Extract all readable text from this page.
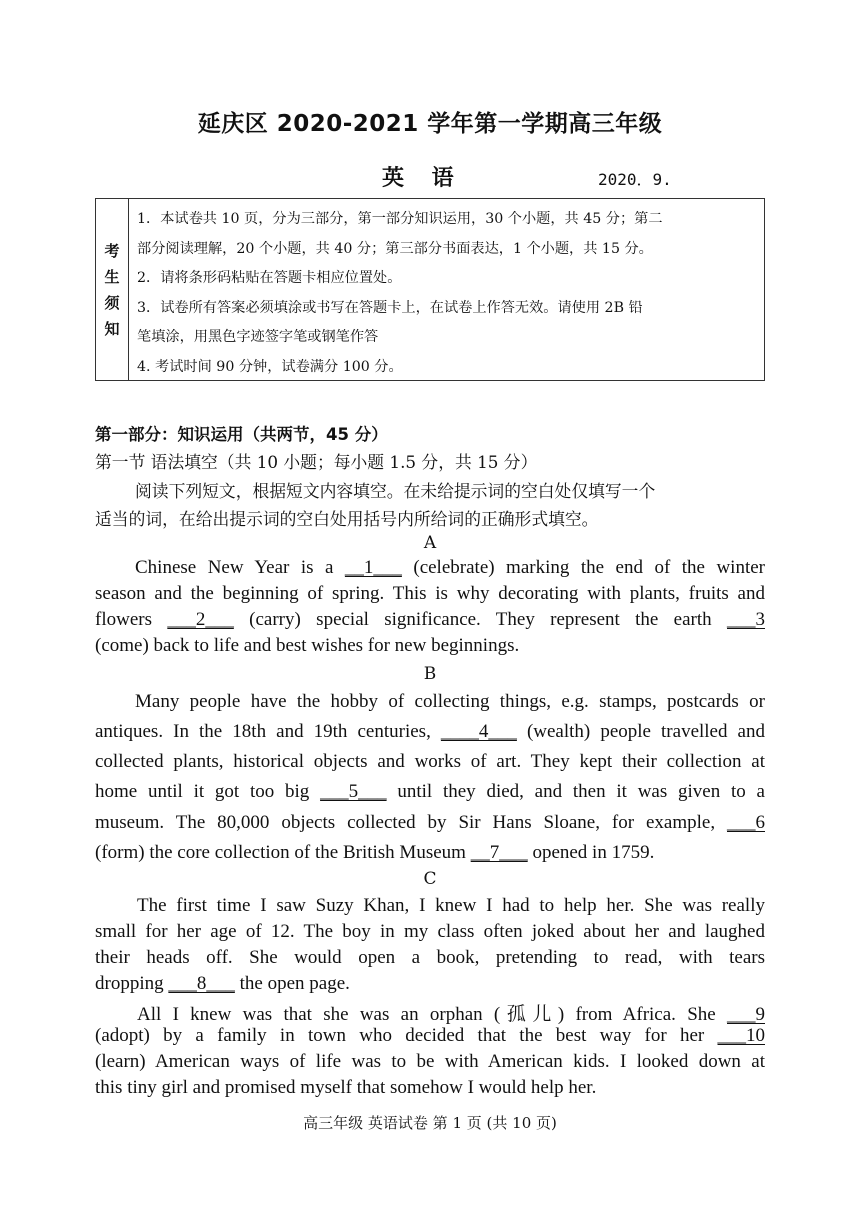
延庆区 2020-2021 学年第一学期高三年级
英 语	2020．9.
考
生
须
知
1．本试卷共 10 页，分为三部分，第一部分知识运用，30 个小题，共 45 分；第二
部分阅读理解，20 个小题，共 40 分；第三部分书面表达，1 个小题，共 15 分。
2．请将条形码粘贴在答题卡相应位置处。
3．试卷所有答案必须填涂或书写在答题卡上，在试卷上作答无效。请使用 2B 铅
笔填涂，用黑色字迹签字笔或钢笔作答
4. 考试时间 90 分钟，试卷满分 100 分。
第一部分：知识运用（共两节，45 分）
第一节 语法填空（共 10 小题；每小题 1.5 分，共 15 分）
阅读下列短文，根据短文内容填空。在未给提示词的空白处仅填写一个
适当的词，在给出提示词的空白处用括号内所给词的正确形式填空。
A
Chinese New Year is a __1___ (celebrate) marking the end of the winter
season and the beginning of spring. This is why decorating with plants, fruits and
flowers ___2___ (carry) special significance. They represent the earth ___3
(come) back to life and best wishes for new beginnings.
B
Many people have the hobby of collecting things, e.g. stamps, postcards or
antiques. In the 18th and 19th centuries, ____4___ (wealth) people travelled and
collected plants, historical objects and works of art. They kept their collection at
home until it got too big ___5___ until they died, and then it was given to a
museum. The 80,000 objects collected by Sir Hans Sloane, for example, ___6
(form) the core collection of the British Museum __7___ opened in 1759.
C
The first time I saw Suzy Khan, I knew I had to help her. She was really
small for her age of 12. The boy in my class often joked about her and laughed
their heads off. She would open a book, pretending to read, with tears
dropping ___8___ the open page.
All I knew was that she was an orphan (孤儿) from Africa. She ___9
(adopt) by a family in town who decided that the best way for her ___10
(learn) American ways of life was to be with American kids. I looked down at
this tiny girl and promised myself that somehow I would help her.
高三年级 英语试卷 第 1 页 (共 10 页)
